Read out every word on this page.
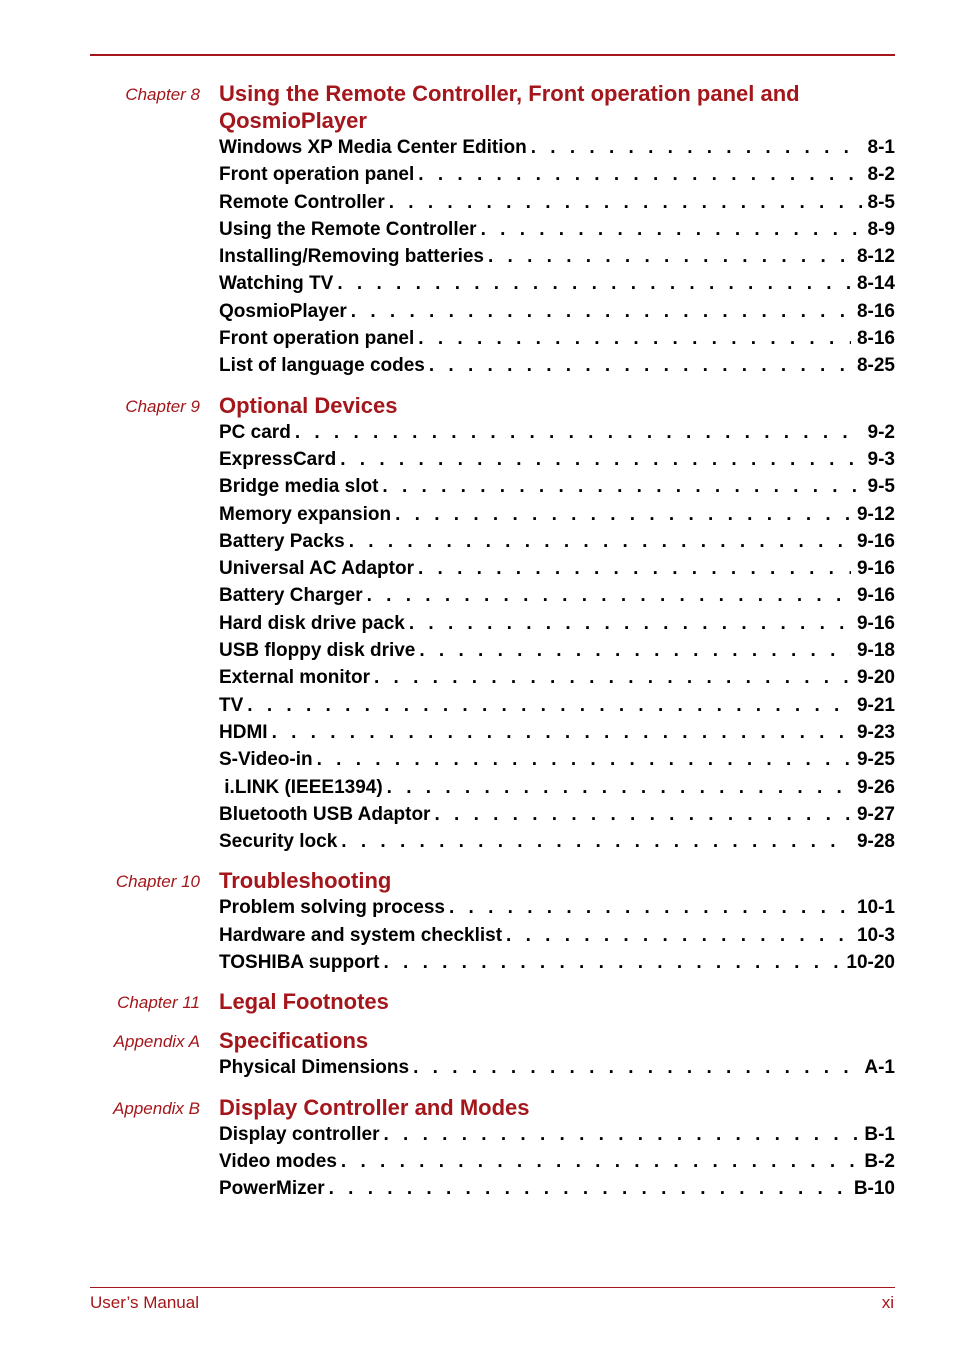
Chapter 8 Using the Remote Controller, Front operation panel and QosmioPlayer
Windows XP Media Center Edition . . .	8-1
Front operation panel . . .	8-2
Remote Controller . . .	8-5
Using the Remote Controller . . .	8-9
Installing/Removing batteries . . .	8-12
Watching TV . . .	8-14
QosmioPlayer . . .	8-16
Front operation panel . . .	8-16
List of language codes . . .	8-25
Chapter 9 Optional Devices
PC card . . .	9-2
ExpressCard . . .	9-3
Bridge media slot . . .	9-5
Memory expansion . . .	9-12
Battery Packs . . .	9-16
Universal AC Adaptor . . .	9-16
Battery Charger . . .	9-16
Hard disk drive pack . . .	9-16
USB floppy disk drive . . .	9-18
External monitor . . .	9-20
TV . . .	9-21
HDMI . . .	9-23
S-Video-in . . .	9-25
i.LINK (IEEE1394) . . .	9-26
Bluetooth USB Adaptor . . .	9-27
Security lock . . .	9-28
Chapter 10 Troubleshooting
Problem solving process . . .	10-1
Hardware and system checklist . . .	10-3
TOSHIBA support . . .	10-20
Chapter 11 Legal Footnotes
Appendix A Specifications
Physical Dimensions . . .	A-1
Appendix B Display Controller and Modes
Display controller . . .	B-1
Video modes . . .	B-2
PowerMizer . . .	B-10
User’s Manual	xi
